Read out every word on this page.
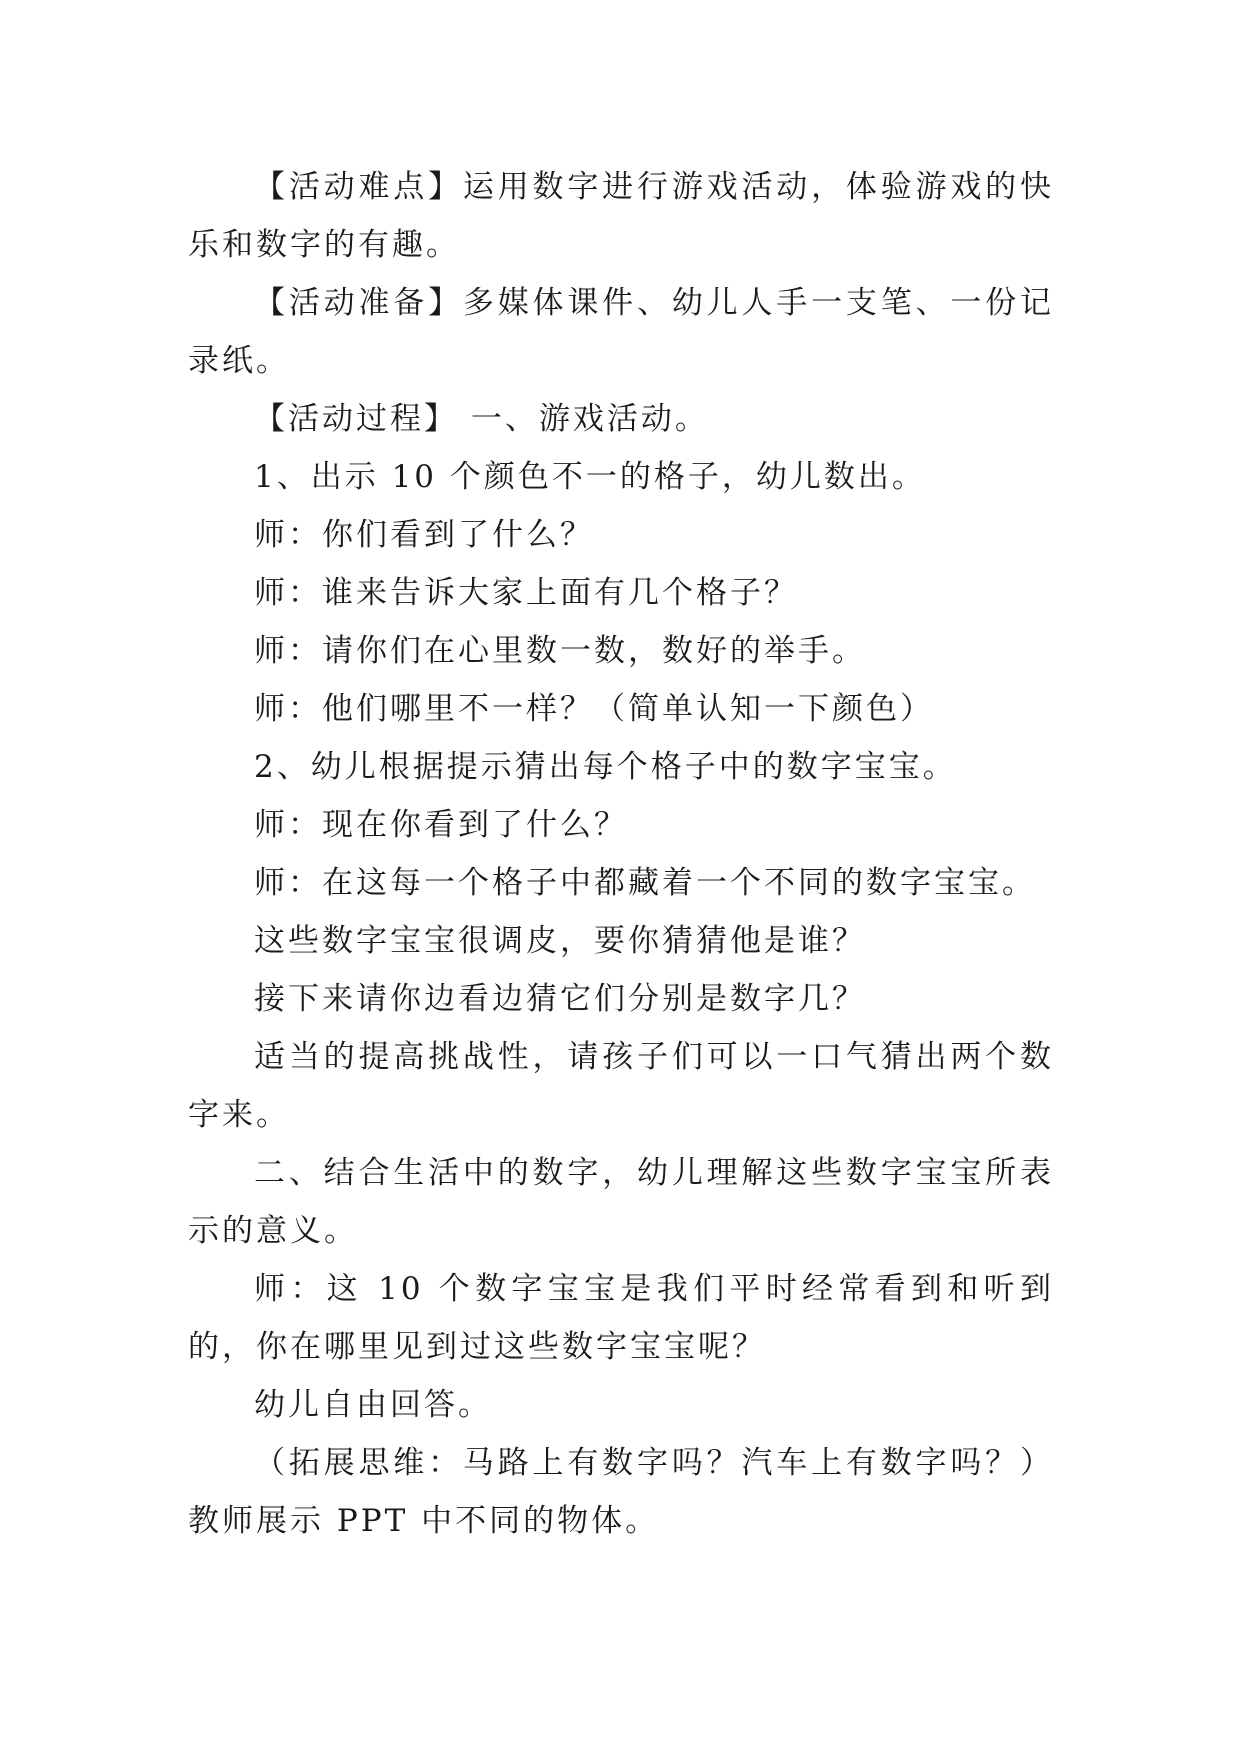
【活动难点】运用数字进行游戏活动，体验游戏的快乐和数字的有趣。

【活动准备】多媒体课件、幼儿人手一支笔、一份记录纸。

【活动过程】 一、游戏活动。

1、出示 10 个颜色不一的格子，幼儿数出。

师：你们看到了什么？

师：谁来告诉大家上面有几个格子？

师：请你们在心里数一数，数好的举手。

师：他们哪里不一样？（简单认知一下颜色）

2、幼儿根据提示猜出每个格子中的数字宝宝。

师：现在你看到了什么？

师：在这每一个格子中都藏着一个不同的数字宝宝。

这些数字宝宝很调皮，要你猜猜他是谁？

接下来请你边看边猜它们分别是数字几？

适当的提高挑战性，请孩子们可以一口气猜出两个数字来。

二、结合生活中的数字，幼儿理解这些数字宝宝所表示的意义。

师：这 10 个数字宝宝是我们平时经常看到和听到的，你在哪里见到过这些数字宝宝呢？

幼儿自由回答。

（拓展思维：马路上有数字吗？汽车上有数字吗？）教师展示 PPT 中不同的物体。
